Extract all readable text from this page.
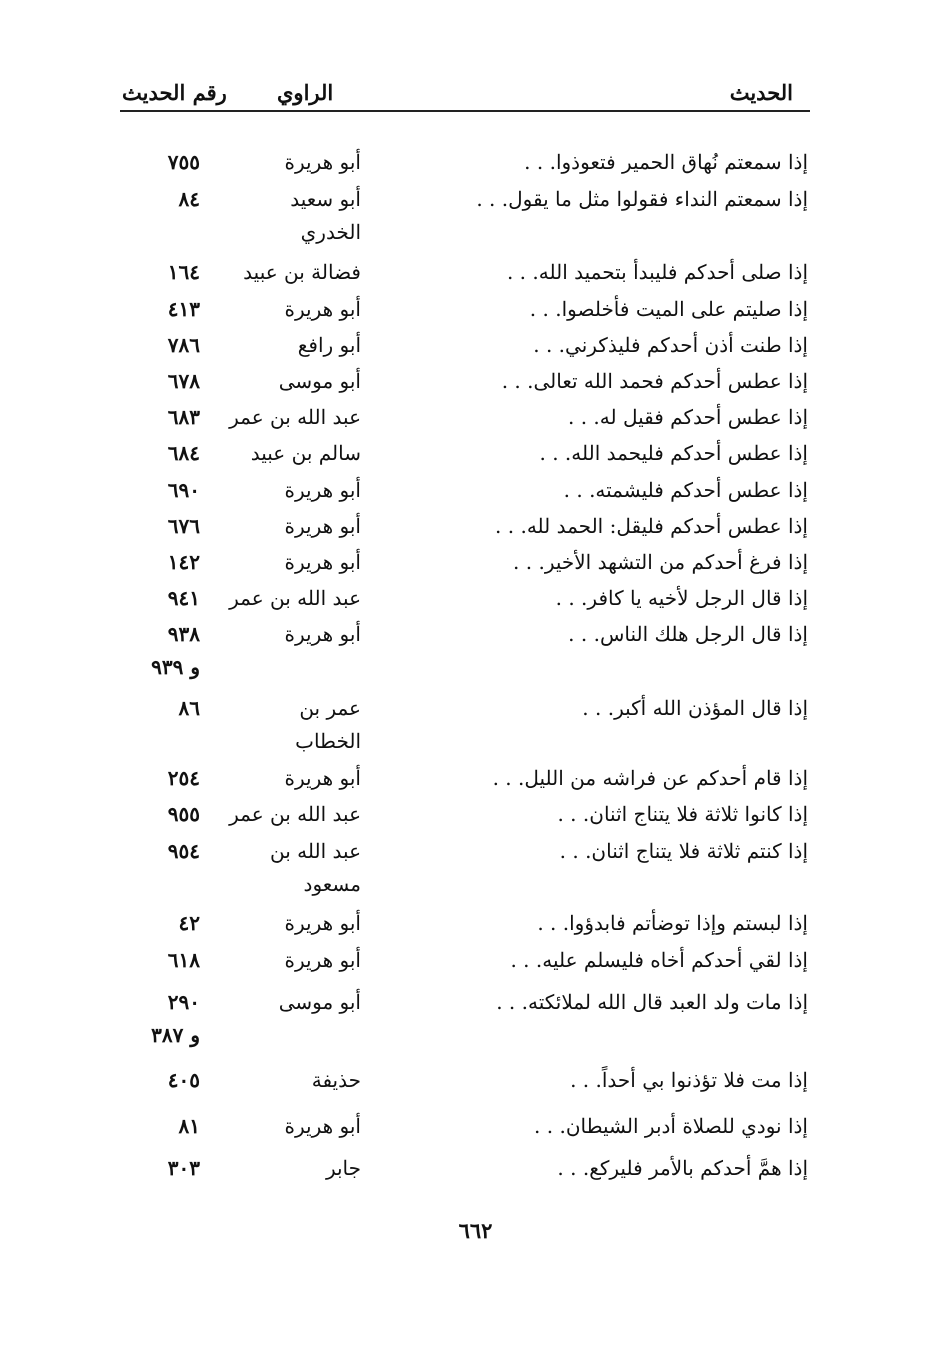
الحديث
الراوي
رقم الحديث
إذا سمعتم نُهاق الحمير فتعوذوا. . .
أبو هريرة
٧٥٥
إذا سمعتم النداء فقولوا مثل ما يقول. . .
أبو سعيد
الخدري
٨٤
إذا صلى أحدكم فليبدأ بتحميد الله. . .
فضالة بن عبيد
١٦٤
إذا صليتم على الميت فأخلصوا. . .
أبو هريرة
٤١٣
إذا طنت أذن أحدكم فليذكرني. . .
أبو رافع
٧٨٦
إذا عطس أحدكم فحمد الله تعالى. . .
أبو موسى
٦٧٨
إذا عطس أحدكم فقيل له. . .
عبد الله بن عمر
٦٨٣
إذا عطس أحدكم فليحمد الله. . .
سالم بن عبيد
٦٨٤
إذا عطس أحدكم فليشمته. . .
أبو هريرة
٦٩٠
إذا عطس أحدكم فليقل: الحمد لله. . .
أبو هريرة
٦٧٦
إذا فرغ أحدكم من التشهد الأخير. . .
أبو هريرة
١٤٢
إذا قال الرجل لأخيه يا كافر. . .
عبد الله بن عمر
٩٤١
إذا قال الرجل هلك الناس. . .
أبو هريرة
٩٣٨
و ٩٣٩
إذا قال المؤذن الله أكبر. . .
عمر بن
الخطاب
٨٦
إذا قام أحدكم عن فراشه من الليل. . .
أبو هريرة
٢٥٤
إذا كانوا ثلاثة فلا يتناج اثنان. . .
عبد الله بن عمر
٩٥٥
إذا كنتم ثلاثة فلا يتناج اثنان. . .
عبد الله بن
مسعود
٩٥٤
إذا لبستم وإذا توضأتم فابدؤوا. . .
أبو هريرة
٤٢
إذا لقي أحدكم أخاه فليسلم عليه. . .
أبو هريرة
٦١٨
إذا مات ولد العبد قال الله لملائكته. . .
أبو موسى
٢٩٠
و ٣٨٧
إذا مت فلا تؤذنوا بي أحداً. . .
حذيفة
٤٠٥
إذا نودي للصلاة أدبر الشيطان. . .
أبو هريرة
٨١
إذا همَّ أحدكم بالأمر فليركع. . .
جابر
٣٠٣
٦٦٢
